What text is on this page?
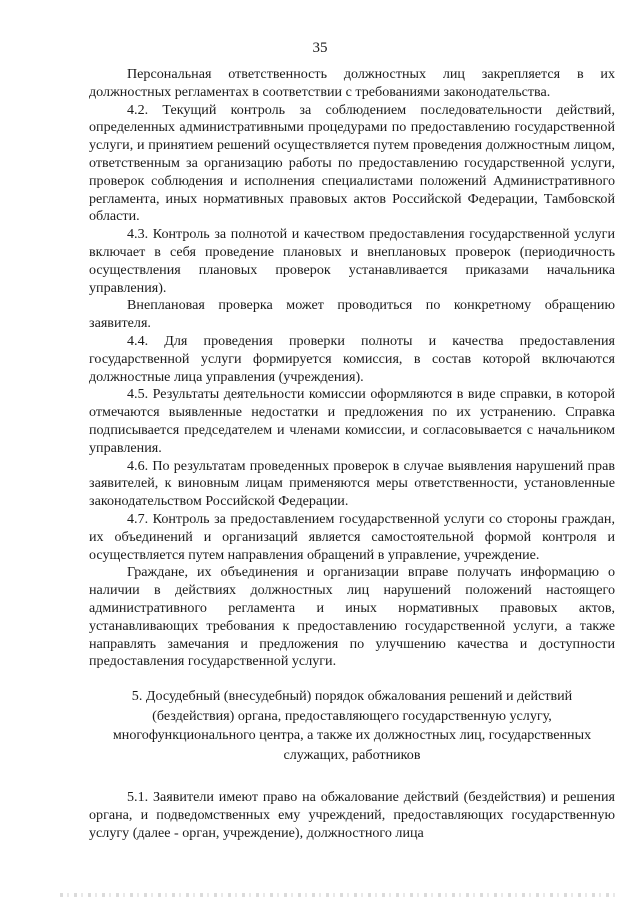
35

Персональная ответственность должностных лиц закрепляется в их должностных регламентах в соответствии с требованиями законодательства.

4.2. Текущий контроль за соблюдением последовательности действий, определенных административными процедурами по предоставлению государственной услуги, и принятием решений осуществляется путем проведения должностным лицом, ответственным за организацию работы по предоставлению государственной услуги, проверок соблюдения и исполнения специалистами положений Административного регламента, иных нормативных правовых актов Российской Федерации, Тамбовской области.

4.3. Контроль за полнотой и качеством предоставления государственной услуги включает в себя проведение плановых и внеплановых проверок (периодичность осуществления плановых проверок устанавливается приказами начальника управления).

Внеплановая проверка может проводиться по конкретному обращению заявителя.

4.4. Для проведения проверки полноты и качества предоставления государственной услуги формируется комиссия, в состав которой включаются должностные лица управления (учреждения).

4.5. Результаты деятельности комиссии оформляются в виде справки, в которой отмечаются выявленные недостатки и предложения по их устранению. Справка подписывается председателем и членами комиссии, и согласовывается с начальником управления.

4.6. По результатам проведенных проверок в случае выявления нарушений прав заявителей, к виновным лицам применяются меры ответственности, установленные законодательством Российской Федерации.

4.7. Контроль за предоставлением государственной услуги со стороны граждан, их объединений и организаций является самостоятельной формой контроля и осуществляется путем направления обращений в управление, учреждение.

Граждане, их объединения и организации вправе получать информацию о наличии в действиях должностных лиц нарушений положений настоящего административного регламента и иных нормативных правовых актов, устанавливающих требования к предоставлению государственной услуги, а также направлять замечания и предложения по улучшению качества и доступности предоставления государственной услуги.

5. Досудебный (внесудебный) порядок обжалования решений и действий (бездействия) органа, предоставляющего государственную услугу, многофункционального центра, а также их должностных лиц, государственных служащих, работников

5.1. Заявители имеют право на обжалование действий (бездействия) и решения органа, и подведомственных ему учреждений, предоставляющих государственную услугу (далее - орган, учреждение), должностного лица
